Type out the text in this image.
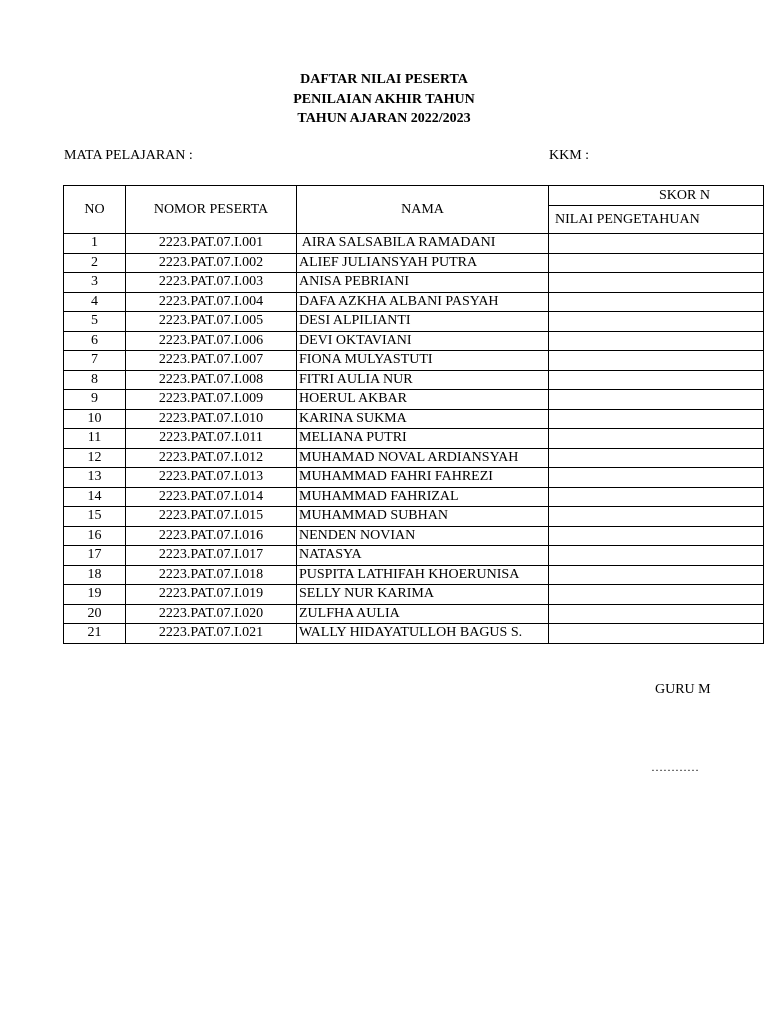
DAFTAR NILAI PESERTA
PENILAIAN AKHIR TAHUN
TAHUN AJARAN 2022/2023
MATA PELAJARAN :	KKM :
NO	NOMOR PESERTA	NAMA	SKOR N
			NILAI PENGETAHUAN
1	2223.PAT.07.I.001	AIRA SALSABILA RAMADANI	
2	2223.PAT.07.I.002	ALIEF JULIANSYAH PUTRA	
3	2223.PAT.07.I.003	ANISA PEBRIANI	
4	2223.PAT.07.I.004	DAFA AZKHA ALBANI PASYAH	
5	2223.PAT.07.I.005	DESI ALPILIANTI	
6	2223.PAT.07.I.006	DEVI OKTAVIANI	
7	2223.PAT.07.I.007	FIONA MULYASTUTI	
8	2223.PAT.07.I.008	FITRI AULIA NUR	
9	2223.PAT.07.I.009	HOERUL AKBAR	
10	2223.PAT.07.I.010	KARINA SUKMA	
11	2223.PAT.07.I.011	MELIANA PUTRI	
12	2223.PAT.07.I.012	MUHAMAD NOVAL ARDIANSYAH	
13	2223.PAT.07.I.013	MUHAMMAD FAHRI FAHREZI	
14	2223.PAT.07.I.014	MUHAMMAD FAHRIZAL	
15	2223.PAT.07.I.015	MUHAMMAD SUBHAN	
16	2223.PAT.07.I.016	NENDEN NOVIAN	
17	2223.PAT.07.I.017	NATASYA	
18	2223.PAT.07.I.018	PUSPITA LATHIFAH KHOERUNISA	
19	2223.PAT.07.I.019	SELLY NUR KARIMA	
20	2223.PAT.07.I.020	ZULFHA AULIA	
21	2223.PAT.07.I.021	WALLY HIDAYATULLOH BAGUS S.	
GURU M
…………
